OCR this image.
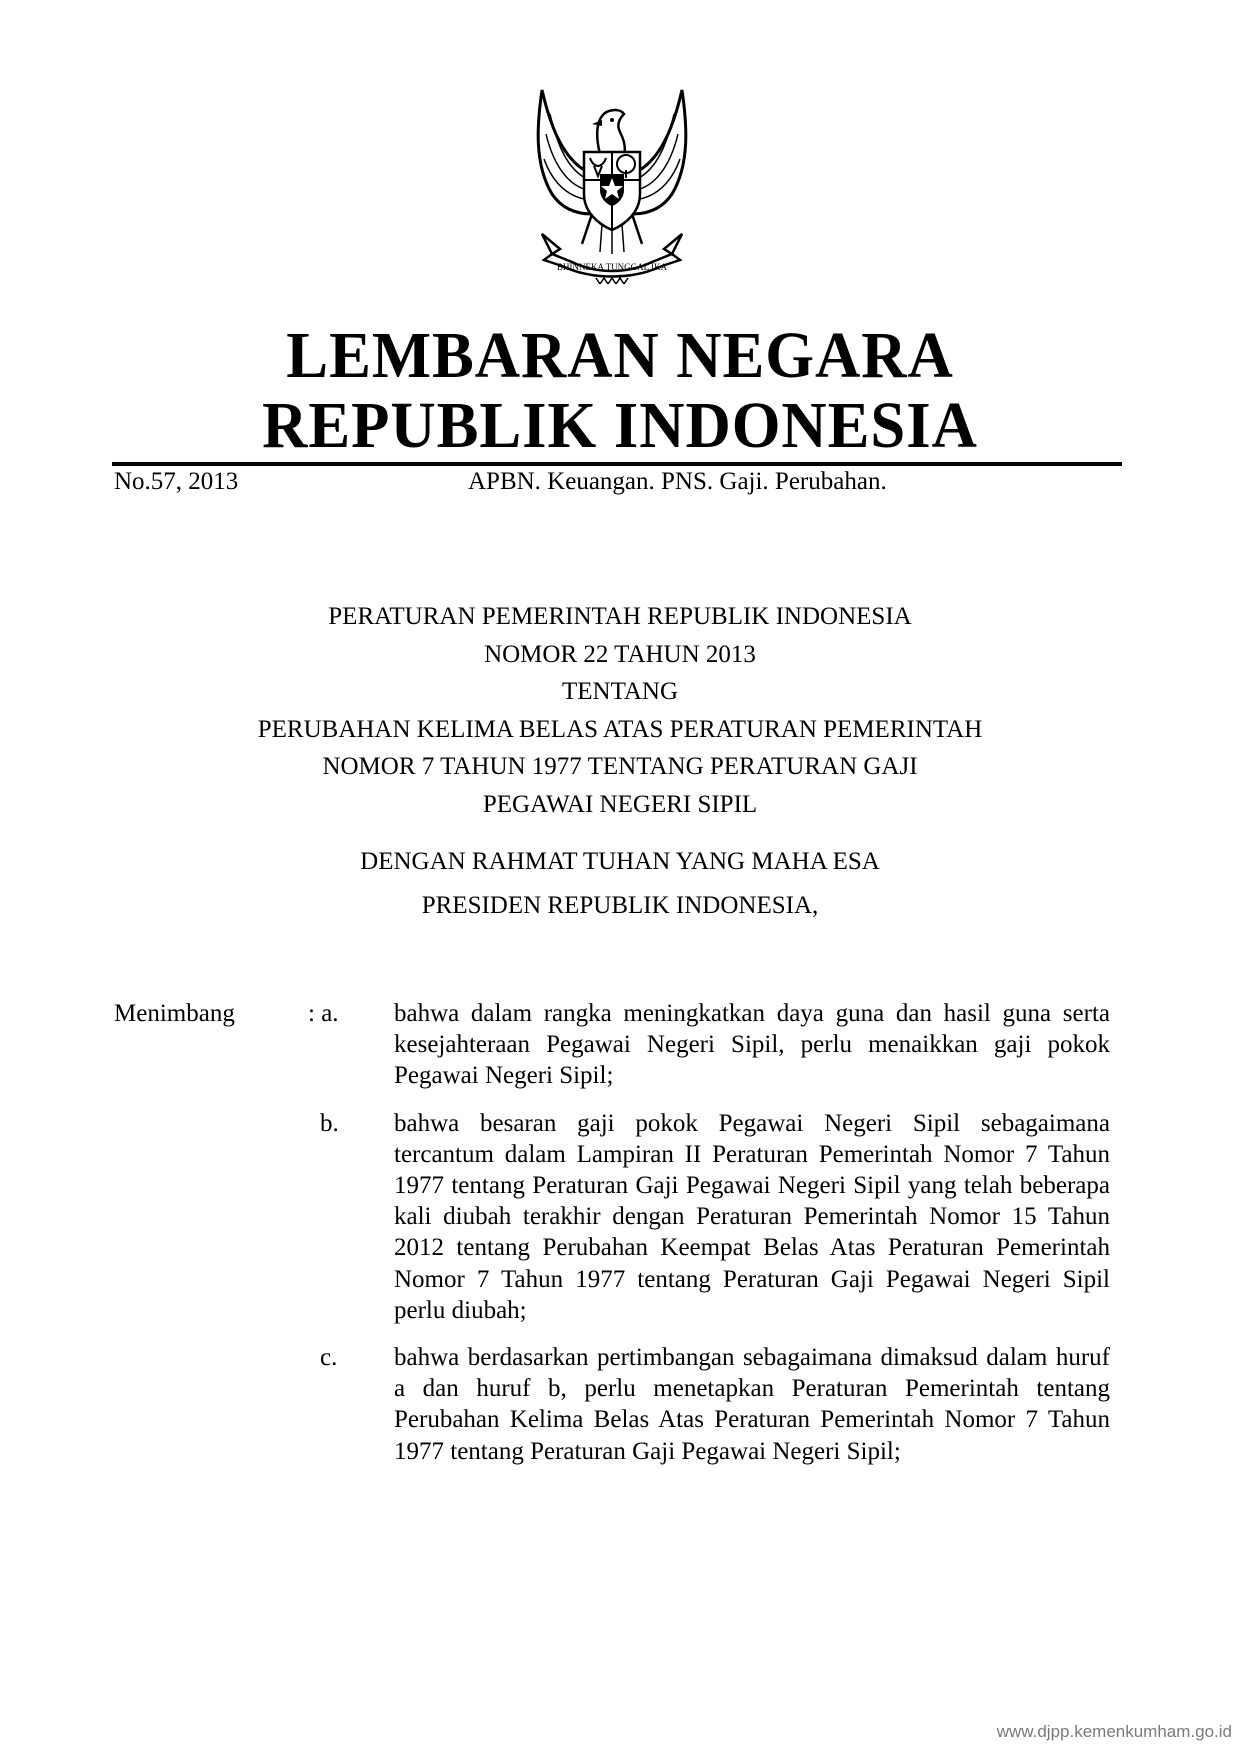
BHINNEKA TUNGGAL IKA
LEMBARAN NEGARA
REPUBLIK INDONESIA
No.57, 2013	APBN. Keuangan. PNS. Gaji. Perubahan.
PERATURAN PEMERINTAH REPUBLIK INDONESIA
NOMOR 22 TAHUN 2013
TENTANG
PERUBAHAN KELIMA BELAS ATAS PERATURAN PEMERINTAH
NOMOR 7 TAHUN 1977 TENTANG PERATURAN GAJI
PEGAWAI NEGERI SIPIL
DENGAN RAHMAT TUHAN YANG MAHA ESA
PRESIDEN REPUBLIK INDONESIA,
Menimbang	: a. bahwa dalam rangka meningkatkan daya guna dan hasil guna serta kesejahteraan Pegawai Negeri Sipil, perlu menaikkan gaji pokok Pegawai Negeri Sipil;
b. bahwa besaran gaji pokok Pegawai Negeri Sipil sebagaimana tercantum dalam Lampiran II Peraturan Pemerintah Nomor 7 Tahun 1977 tentang Peraturan Gaji Pegawai Negeri Sipil yang telah beberapa kali diubah terakhir dengan Peraturan Pemerintah Nomor 15 Tahun 2012 tentang Perubahan Keempat Belas Atas Peraturan Pemerintah Nomor 7 Tahun 1977 tentang Peraturan Gaji Pegawai Negeri Sipil perlu diubah;
c. bahwa berdasarkan pertimbangan sebagaimana dimaksud dalam huruf a dan huruf b, perlu menetapkan Peraturan Pemerintah tentang Perubahan Kelima Belas Atas Peraturan Pemerintah Nomor 7 Tahun 1977 tentang Peraturan Gaji Pegawai Negeri Sipil;
www.djpp.kemenkumham.go.id
